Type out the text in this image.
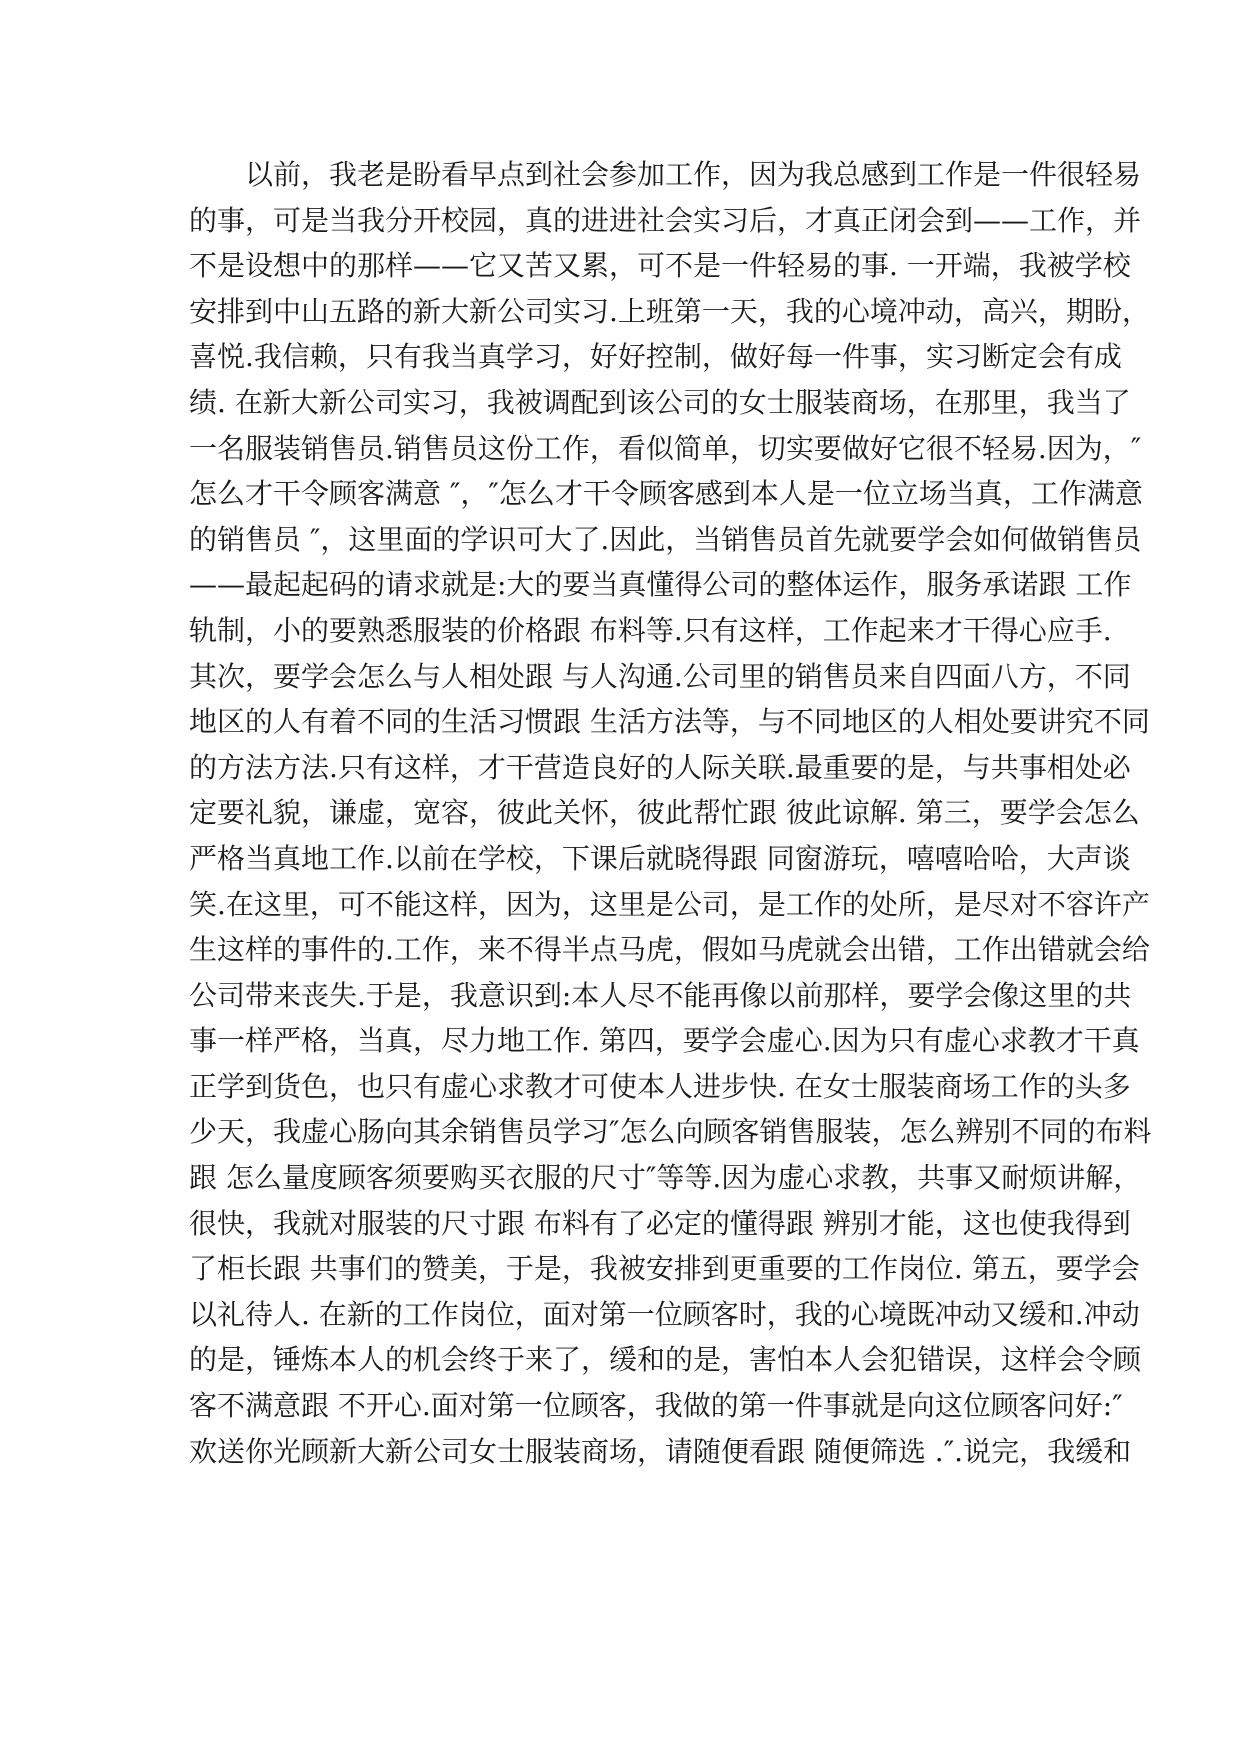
　　以前，我老是盼看早点到社会参加工作，因为我总感到工作是一件很轻易
的事，可是当我分开校园，真的进进社会实习后，才真正闭会到——工作，并
不是设想中的那样——它又苦又累，可不是一件轻易的事. 一开端，我被学校
安排到中山五路的新大新公司实习.上班第一天，我的心境冲动，高兴，期盼，
喜悦.我信赖，只有我当真学习，好好控制，做好每一件事，实习断定会有成
绩. 在新大新公司实习，我被调配到该公司的女士服装商场，在那里，我当了
一名服装销售员.销售员这份工作，看似简单，切实要做好它很不轻易.因为，″
怎么才干令顾客满意 ″，″怎么才干令顾客感到本人是一位立场当真，工作满意
的销售员 ″，这里面的学识可大了.因此，当销售员首先就要学会如何做销售员
——最起起码的请求就是:大的要当真懂得公司的整体运作，服务承诺跟 工作
轨制，小的要熟悉服装的价格跟 布料等.只有这样，工作起来才干得心应手.
其次，要学会怎么与人相处跟 与人沟通.公司里的销售员来自四面八方，不同
地区的人有着不同的生活习惯跟 生活方法等，与不同地区的人相处要讲究不同
的方法方法.只有这样，才干营造良好的人际关联.最重要的是，与共事相处必
定要礼貌，谦虚，宽容，彼此关怀，彼此帮忙跟 彼此谅解. 第三，要学会怎么
严格当真地工作.以前在学校，下课后就晓得跟 同窗游玩，嘻嘻哈哈，大声谈
笑.在这里，可不能这样，因为，这里是公司，是工作的处所，是尽对不容许产
生这样的事件的.工作，来不得半点马虎，假如马虎就会出错，工作出错就会给
公司带来丧失.于是，我意识到:本人尽不能再像以前那样，要学会像这里的共
事一样严格，当真，尽力地工作. 第四，要学会虚心.因为只有虚心求教才干真
正学到货色，也只有虚心求教才可使本人进步快. 在女士服装商场工作的头多
少天，我虚心肠向其余销售员学习″怎么向顾客销售服装，怎么辨别不同的布料
跟 怎么量度顾客须要购买衣服的尺寸″等等.因为虚心求教，共事又耐烦讲解，
很快，我就对服装的尺寸跟 布料有了必定的懂得跟 辨别才能，这也使我得到
了柜长跟 共事们的赞美，于是，我被安排到更重要的工作岗位. 第五，要学会
以礼待人. 在新的工作岗位，面对第一位顾客时，我的心境既冲动又缓和.冲动
的是，锤炼本人的机会终于来了，缓和的是，害怕本人会犯错误，这样会令顾
客不满意跟 不开心.面对第一位顾客，我做的第一件事就是向这位顾客问好:″
欢送你光顾新大新公司女士服装商场，请随便看跟 随便筛选 .″.说完，我缓和
